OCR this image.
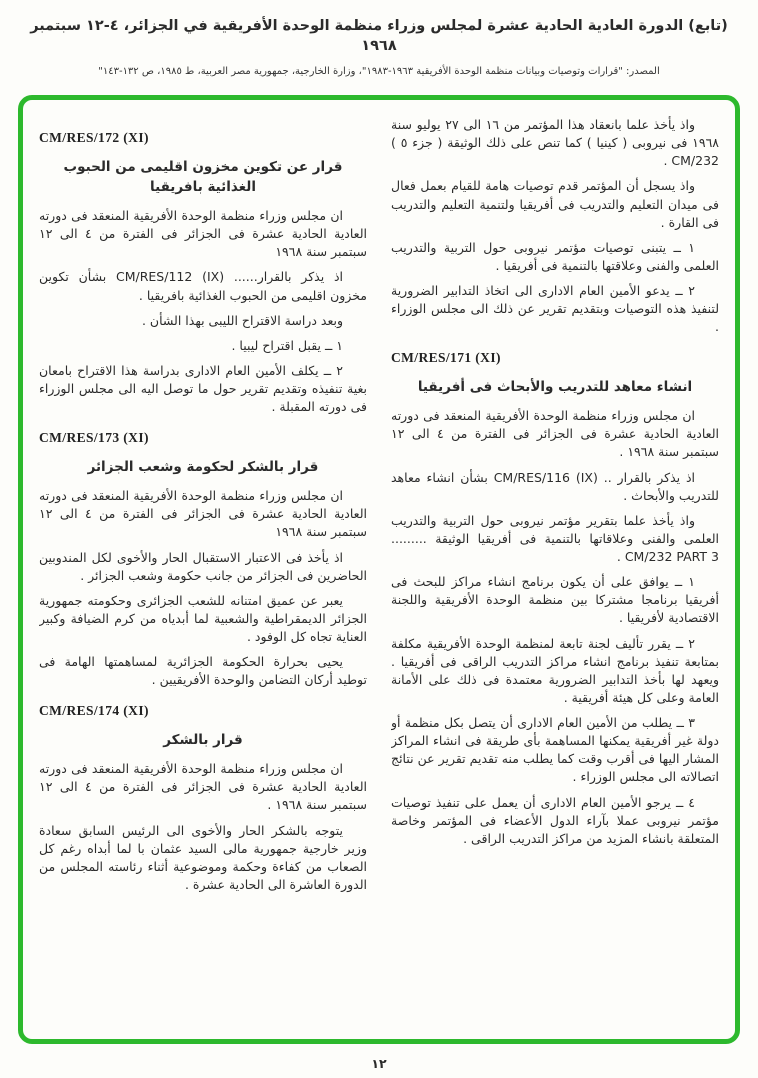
(تابع) الدورة العادية الحادية عشرة لمجلس وزراء منظمة الوحدة الأفريقية في الجزائر، ٤-١٢ سبتمبر ١٩٦٨
المصدر: "قرارات وتوصيات وبيانات منظمة الوحدة الأفريقية ١٩٦٣-١٩٨٣"، وزارة الخارجية، جمهورية مصر العربية، ط ١٩٨٥، ص ١٣٢-١٤٣"
واذ يأخذ علما بانعقاد هذا المؤتمر من ١٦ الى ٢٧ يوليو سنة ١٩٦٨ فى نيروبى ( كينيا ) كما تنص على ذلك الوثيقة ( جزء ٥ ) CM/232 .
واذ يسجل أن المؤتمر قدم توصيات هامة للقيام بعمل فعال فى ميدان التعليم والتدريب فى أفريقيا ولتنمية التعليم والتدريب فى القارة .
١ ــ يتبنى توصيات مؤتمر نيروبى حول التربية والتدريب العلمى والفنى وعلاقتها بالتنمية فى أفريقيا .
٢ ــ يدعو الأمين العام الادارى الى اتخاذ التدابير الضرورية لتنفيذ هذه التوصيات وبتقديم تقرير عن ذلك الى مجلس الوزراء .
CM/RES/171 (XI)
انشاء معاهد للتدريب والأبحاث فى أفريقيا
ان مجلس وزراء منظمة الوحدة الأفريقية المنعقد فى دورته العادية الحادية عشرة فى الجزائر فى الفترة من ٤ الى ١٢ سبتمبر سنة ١٩٦٨ .
اذ يذكر بالقرار .. CM/RES/116 (IX) بشأن انشاء معاهد للتدريب والأبحاث .
واذ يأخذ علما بتقرير مؤتمر نيروبى حول التربية والتدريب العلمى والفنى وعلاقاتها بالتنمية فى أفريقيا الوثيقة ......... CM/232 PART 3 .
١ ــ يوافق على أن يكون برنامج انشاء مراكز للبحث فى أفريقيا برنامجا مشتركا بين منظمة الوحدة الأفريقية واللجنة الاقتصادية لأفريقيا .
٢ ــ يقرر تأليف لجنة تابعة لمنظمة الوحدة الأفريقية مكلفة بمتابعة تنفيذ برنامج انشاء مراكز التدريب الراقى فى أفريقيا . ويعهد لها بأخذ التدابير الضرورية معتمدة فى ذلك على الأمانة العامة وعلى كل هيئة أفريقية .
٣ ــ يطلب من الأمين العام الادارى أن يتصل بكل منظمة أو دولة غير أفريقية يمكنها المساهمة بأى طريقة فى انشاء المراكز المشار اليها فى أقرب وقت كما يطلب منه تقديم تقرير عن نتائج اتصالاته الى مجلس الوزراء .
٤ ــ يرجو الأمين العام الادارى أن يعمل على تنفيذ توصيات مؤتمر نيروبى عملا بآراء الدول الأعضاء فى المؤتمر وخاصة المتعلقة بانشاء المزيد من مراكز التدريب الراقى .
CM/RES/172 (XI)
قرار عن تكوين مخزون اقليمى من الحبوب الغذائية بافريقيا
ان مجلس وزراء منظمة الوحدة الأفريقية المنعقد فى دورته العادية الحادية عشرة فى الجزائر فى الفترة من ٤ الى ١٢ سبتمبر سنة ١٩٦٨
اذ يذكر بالقرار...... CM/RES/112 (IX) بشأن تكوين مخزون اقليمى من الحبوب الغذائية بافريقيا .
وبعد دراسة الاقتراح الليبى بهذا الشأن .
١ ــ يقبل اقتراح ليبيا .
٢ ــ يكلف الأمين العام الادارى بدراسة هذا الاقتراح بامعان بغية تنفيذه وتقديم تقرير حول ما توصل اليه الى مجلس الوزراء فى دورته المقبلة .
CM/RES/173 (XI)
قرار بالشكر لحكومة وشعب الجزائر
ان مجلس وزراء منظمة الوحدة الأفريقية المنعقد فى دورته العادية الحادية عشرة فى الجزائر فى الفترة من ٤ الى ١٢ سبتمبر سنة ١٩٦٨
اذ يأخذ فى الاعتبار الاستقبال الحار والأخوى لكل المندوبين الحاضرين فى الجزائر من جانب حكومة وشعب الجزائر .
يعبر عن عميق امتنانه للشعب الجزائرى وحكومته جمهورية الجزائر الديمقراطية والشعبية لما أبدياه من كرم الضيافة وكبير العناية تجاه كل الوفود .
يحيى بحرارة الحكومة الجزائرية لمساهمتها الهامة فى توطيد أركان التضامن والوحدة الأفريقيين .
CM/RES/174 (XI)
قرار بالشكر
ان مجلس وزراء منظمة الوحدة الأفريقية المنعقد فى دورته العادية الحادية عشرة فى الجزائر فى الفترة من ٤ الى ١٢ سبتمبر سنة ١٩٦٨ .
يتوجه بالشكر الحار والأخوى الى الرئيس السابق سعادة وزير خارجية جمهورية مالى السيد عثمان با لما أبداه رغم كل الصعاب من كفاءة وحكمة وموضوعية أثناء رئاسته المجلس من الدورة العاشرة الى الحادية عشرة .
١٢
